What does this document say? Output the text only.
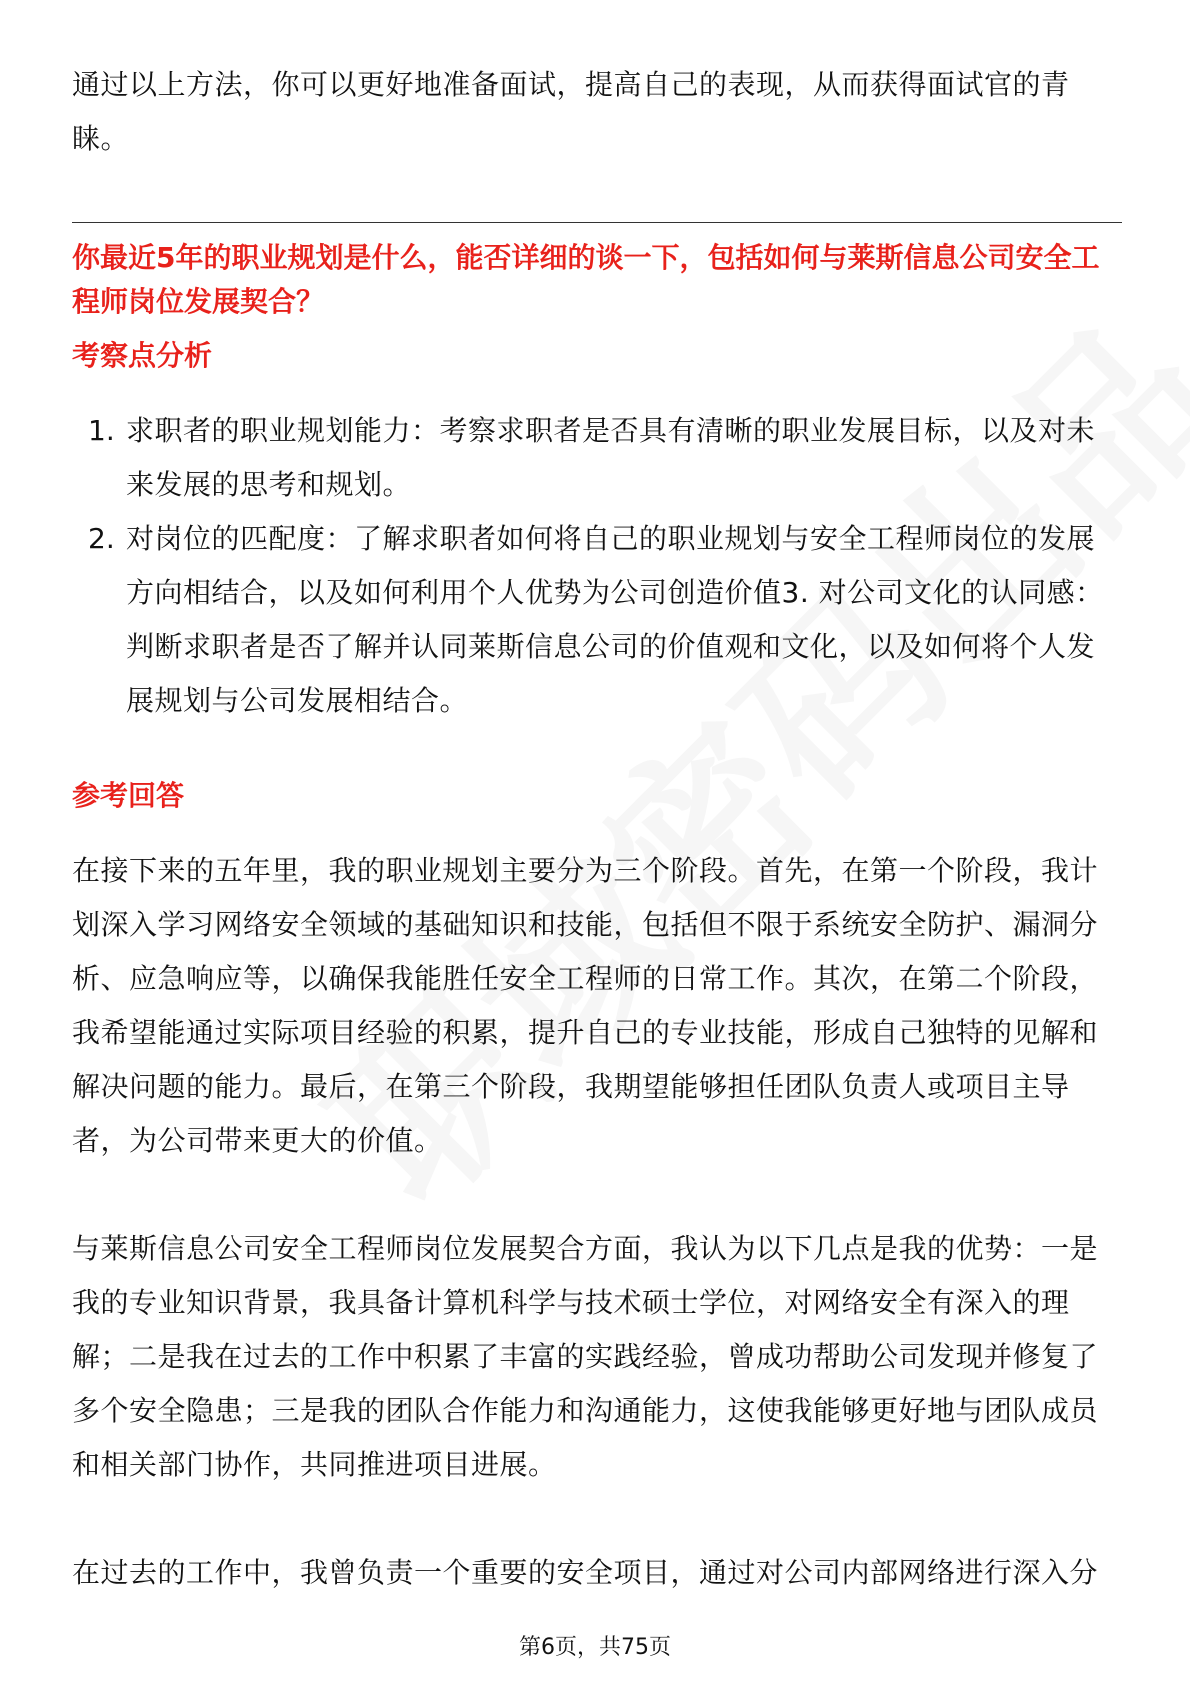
通过以上方法，你可以更好地准备面试，提高自己的表现，从而获得面试官的青睐。

你最近5年的职业规划是什么，能否详细的谈一下，包括如何与莱斯信息公司安全工程师岗位发展契合？

考察点分析

1. 求职者的职业规划能力：考察求职者是否具有清晰的职业发展目标，以及对未来发展的思考和规划。

2. 对岗位的匹配度：了解求职者如何将自己的职业规划与安全工程师岗位的发展方向相结合，以及如何利用个人优势为公司创造价值3. 对公司文化的认同感：判断求职者是否了解并认同莱斯信息公司的价值观和文化，以及如何将个人发展规划与公司发展相结合。

参考回答

在接下来的五年里，我的职业规划主要分为三个阶段。首先，在第一个阶段，我计划深入学习网络安全领域的基础知识和技能，包括但不限于系统安全防护、漏洞分析、应急响应等，以确保我能胜任安全工程师的日常工作。其次，在第二个阶段，我希望能通过实际项目经验的积累，提升自己的专业技能，形成自己独特的见解和解决问题的能力。最后，在第三个阶段，我期望能够担任团队负责人或项目主导者，为公司带来更大的价值。

与莱斯信息公司安全工程师岗位发展契合方面，我认为以下几点是我的优势：一是我的专业知识背景，我具备计算机科学与技术硕士学位，对网络安全有深入的理解；二是我在过去的工作中积累了丰富的实践经验，曾成功帮助公司发现并修复了多个安全隐患；三是我的团队合作能力和沟通能力，这使我能够更好地与团队成员和相关部门协作，共同推进项目进展。

在过去的工作中，我曾负责一个重要的安全项目，通过对公司内部网络进行深入分

第6页，共75页
